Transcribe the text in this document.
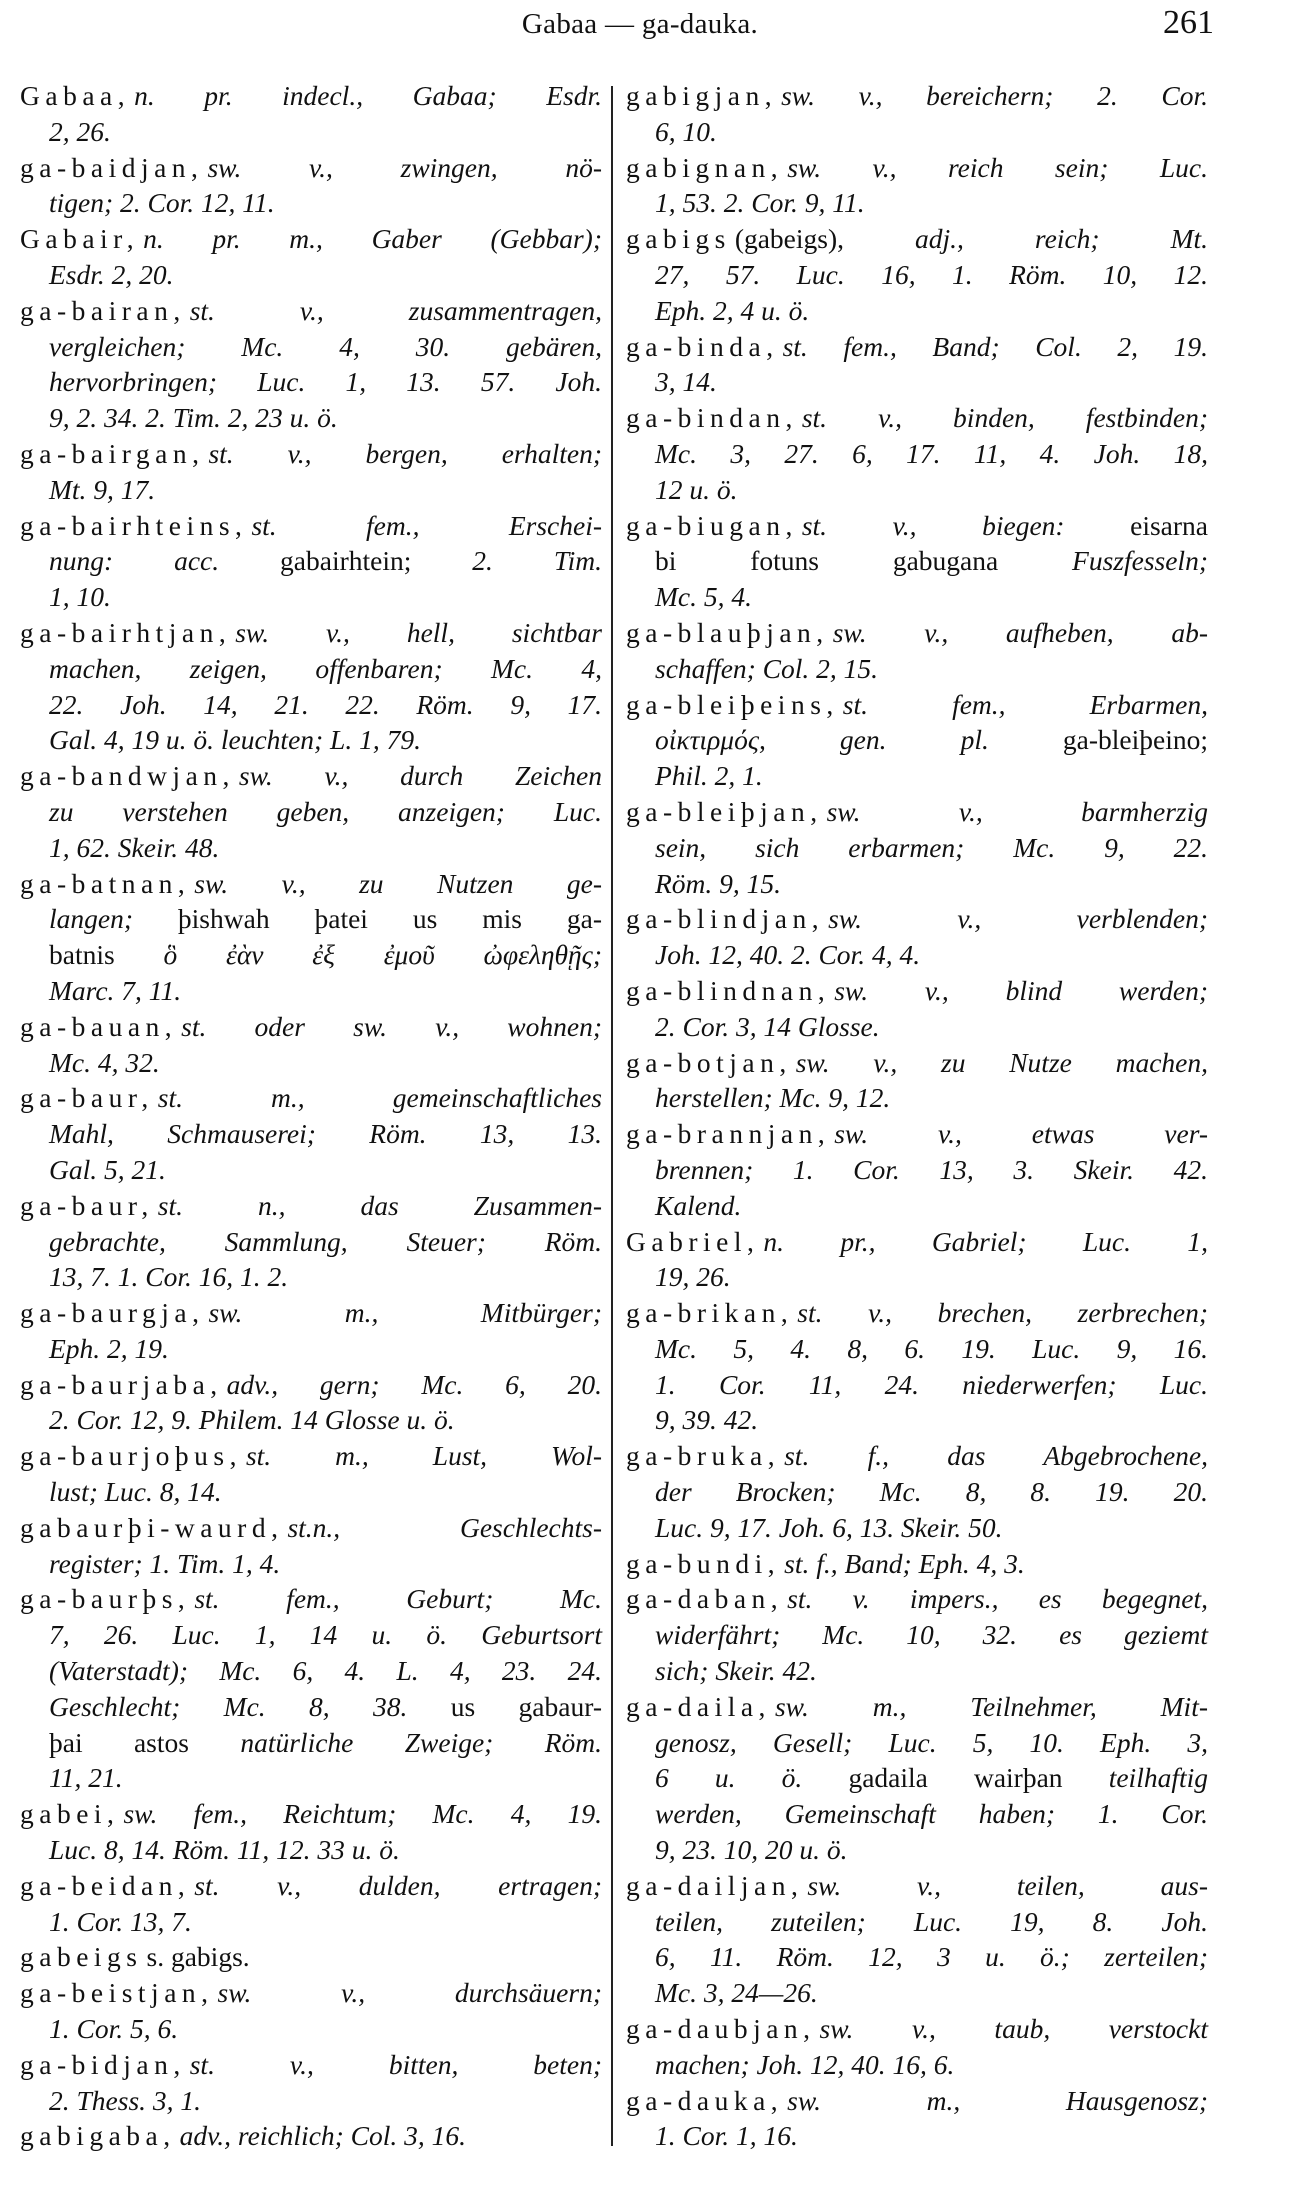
Gabaa — ga-dauka.	261
Gabaa, n. pr. indecl., Gabaa; Esdr.
2, 26.
ga-baidjan, sw. v., zwingen, nö-
tigen; 2. Cor. 12, 11.
Gabair, n. pr. m., Gaber (Gebbar);
Esdr. 2, 20.
ga-bairan, st. v., zusammentragen,
vergleichen; Mc. 4, 30. gebären,
hervorbringen; Luc. 1, 13. 57. Joh.
9, 2. 34. 2. Tim. 2, 23 u. ö.
ga-bairgan, st. v., bergen, erhalten;
Mt. 9, 17.
ga-bairhteins, st. fem., Erschei-
nung: acc. gabairhtein; 2. Tim.
1, 10.
ga-bairhtjan, sw. v., hell, sichtbar
machen, zeigen, offenbaren; Mc. 4,
22. Joh. 14, 21. 22. Röm. 9, 17.
Gal. 4, 19 u. ö. leuchten; L. 1, 79.
ga-bandwjan, sw. v., durch Zeichen
zu verstehen geben, anzeigen; Luc.
1, 62. Skeir. 48.
ga-batnan, sw. v., zu Nutzen ge-
langen; þishwah þatei us mis ga-
batnis ὃ ἐὰν ἐξ ἐμοῦ ὠφεληθῇς;
Marc. 7, 11.
ga-bauan, st. oder sw. v., wohnen;
Mc. 4, 32.
ga-baur, st. m., gemeinschaftliches
Mahl, Schmauserei; Röm. 13, 13.
Gal. 5, 21.
ga-baur, st. n., das Zusammen-
gebrachte, Sammlung, Steuer; Röm.
13, 7. 1. Cor. 16, 1. 2.
ga-baurgja, sw. m., Mitbürger;
Eph. 2, 19.
ga-baurjaba, adv., gern; Mc. 6, 20.
2. Cor. 12, 9. Philem. 14 Glosse u. ö.
ga-baurjoþus, st. m., Lust, Wol-
lust; Luc. 8, 14.
gabaurþi-waurd, st.n., Geschlechts-
register; 1. Tim. 1, 4.
ga-baurþs, st. fem., Geburt; Mc.
7, 26. Luc. 1, 14 u. ö. Geburtsort
(Vaterstadt); Mc. 6, 4. L. 4, 23. 24.
Geschlecht; Mc. 8, 38. us gabaur-
þai astos natürliche Zweige; Röm.
11, 21.
gabei, sw. fem., Reichtum; Mc. 4, 19.
Luc. 8, 14. Röm. 11, 12. 33 u. ö.
ga-beidan, st. v., dulden, ertragen;
1. Cor. 13, 7.
gabeigs s. gabigs.
ga-beistjan, sw. v., durchsäuern;
1. Cor. 5, 6.
ga-bidjan, st. v., bitten, beten;
2. Thess. 3, 1.
gabigaba, adv., reichlich; Col. 3, 16.
gabigjan, sw. v., bereichern; 2. Cor.
6, 10.
gabignan, sw. v., reich sein; Luc.
1, 53. 2. Cor. 9, 11.
gabigs (gabeigs), adj., reich; Mt.
27, 57. Luc. 16, 1. Röm. 10, 12.
Eph. 2, 4 u. ö.
ga-binda, st. fem., Band; Col. 2, 19.
3, 14.
ga-bindan, st. v., binden, festbinden;
Mc. 3, 27. 6, 17. 11, 4. Joh. 18,
12 u. ö.
ga-biugan, st. v., biegen: eisarna
bi fotuns gabugana Fuszfesseln;
Mc. 5, 4.
ga-blauþjan, sw. v., aufheben, ab-
schaffen; Col. 2, 15.
ga-bleiþeins, st. fem., Erbarmen,
οἰκτιρμός, gen. pl. ga-bleiþeino;
Phil. 2, 1.
ga-bleiþjan, sw. v., barmherzig
sein, sich erbarmen; Mc. 9, 22.
Röm. 9, 15.
ga-blindjan, sw. v., verblenden;
Joh. 12, 40. 2. Cor. 4, 4.
ga-blindnan, sw. v., blind werden;
2. Cor. 3, 14 Glosse.
ga-botjan, sw. v., zu Nutze machen,
herstellen; Mc. 9, 12.
ga-brannjan, sw. v., etwas ver-
brennen; 1. Cor. 13, 3. Skeir. 42.
Kalend.
Gabriel, n. pr., Gabriel; Luc. 1,
19, 26.
ga-brikan, st. v., brechen, zerbrechen;
Mc. 5, 4. 8, 6. 19. Luc. 9, 16.
1. Cor. 11, 24. niederwerfen; Luc.
9, 39. 42.
ga-bruka, st. f., das Abgebrochene,
der Brocken; Mc. 8, 8. 19. 20.
Luc. 9, 17. Joh. 6, 13. Skeir. 50.
ga-bundi, st. f., Band; Eph. 4, 3.
ga-daban, st. v. impers., es begegnet,
widerfährt; Mc. 10, 32. es geziemt
sich; Skeir. 42.
ga-daila, sw. m., Teilnehmer, Mit-
genosz, Gesell; Luc. 5, 10. Eph. 3,
6 u. ö. gadaila wairþan teilhaftig
werden, Gemeinschaft haben; 1. Cor.
9, 23. 10, 20 u. ö.
ga-dailjan, sw. v., teilen, aus-
teilen, zuteilen; Luc. 19, 8. Joh.
6, 11. Röm. 12, 3 u. ö.; zerteilen;
Mc. 3, 24—26.
ga-daubjan, sw. v., taub, verstockt
machen; Joh. 12, 40. 16, 6.
ga-dauka, sw. m., Hausgenosz;
1. Cor. 1, 16.
